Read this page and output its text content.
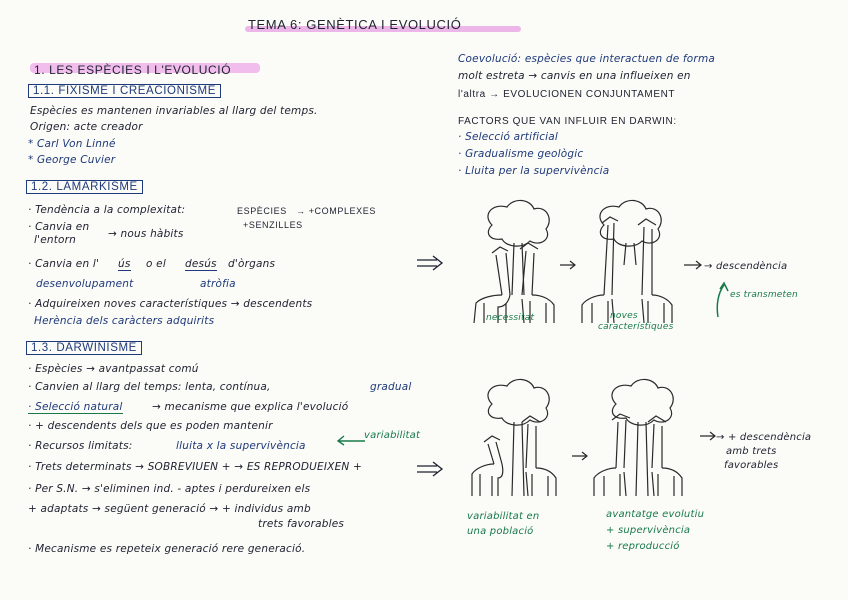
TEMA 6: GENÈTICA I EVOLUCIÓ
1. LES ESPÈCIES I L'EVOLUCIÓ
1.1. FIXISME I CREACIONISME
Espècies es mantenen invariables al llarg del temps.
Origen: acte creador
* Carl Von Linné
* George Cuvier
1.2. LAMARKISME
· Tendència a la complexitat:	ESPÈCIES → +COMPLEXES
+SENZILLES
· Canvia en
l'entorn	→ nous hàbits
· Canvia en l' ús o el desús d'òrgans
desenvolupament	atròfia
· Adquireixen noves característiques → descendents
Herència dels caràcters adquirits
1.3. DARWINISME
· Espècies → avantpassat comú
· Canvien al llarg del temps: lenta, contínua,	gradual
· Selecció natural	→ mecanisme que explica l'evolució
· + descendents dels que es poden mantenir
· Recursos limitats:	lluita x la supervivència
variabilitat
· Trets determinats → SOBREVIUEN + → ES REPRODUEIXEN +
· Per S.N. → s'eliminen ind. - aptes i perdureixen els
+ adaptats → següent generació → + individus amb
trets favorables
· Mecanisme es repeteix generació rere generació.
Coevolució: espècies que interactuen de forma
molt estreta → canvis en una influeixen en
l'altra → EVOLUCIONEN CONJUNTAMENT
FACTORS QUE VAN INFLUIR EN DARWIN:
· Selecció artificial
· Gradualisme geològic
· Lluita per la supervivència
→ descendència
necessitat	noves
característiques
es transmeten
→ + descendència
amb trets
favorables
variabilitat en
una població
avantatge evolutiu
+ supervivència
+ reproducció
